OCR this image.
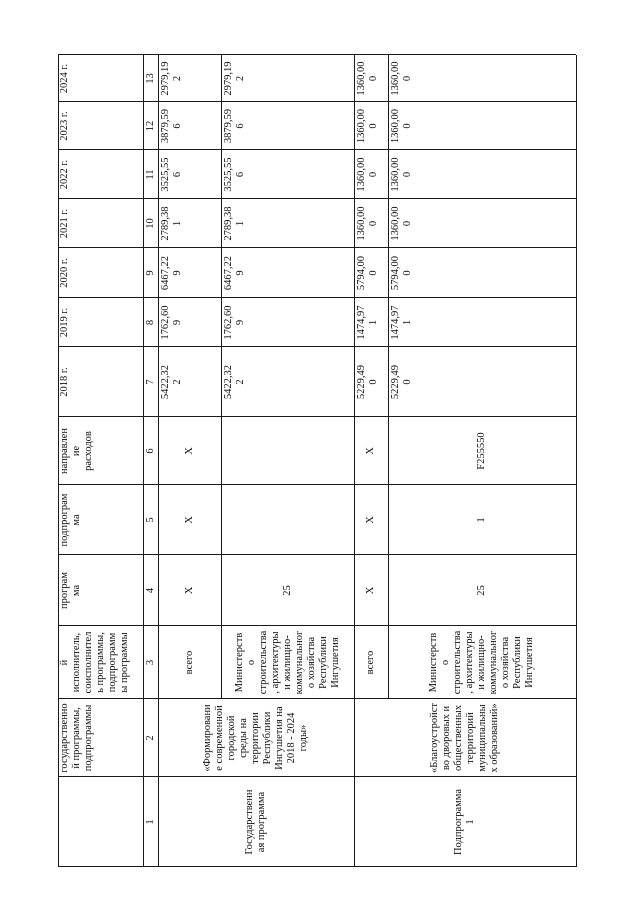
государственно
й программы,
подпрограммы
й
исполнитель,
соисполнител
ь программы,
подпрограмм
ы программы
програм
ма
подпрограм
ма
направлен
ие
расходов
2018 г.
2019 г.
2020 г.
2021 г.
2022 г.
2023 г.
2024 г.
1
2
3
4
5
6
7
8
9
10
11
12
13
Государственн
ая программа
«Формировани
е современной
городской
среды на
территории
Республики
Ингушетия на
2018 - 2024
годы»
всего
X
X
X
5422,32
2
1762,60
9
6467,22
9
2789,38
1
3525,55
6
3879,59
6
2979,19
2
Министерств
о
строительства
, архитектуры
и жилищно-
коммунальног
о хозяйства
Республики
Ингушетия
25
5422,32
2
1762,60
9
6467,22
9
2789,38
1
3525,55
6
3879,59
6
2979,19
2
Подпрограмма
1
«Благоустройст
во дворовых и
общественных
территорий
муниципальны
х образований»
всего
X
X
X
5229,49
0
1474,97
1
5794,00
0
1360,00
0
1360,00
0
1360,00
0
1360,00
0
Министерств
о
строительства
, архитектуры
и жилищно-
коммунальног
о хозяйства
Республики
Ингушетия
25
1
F255550
5229,49
0
1474,97
1
5794,00
0
1360,00
0
1360,00
0
1360,00
0
1360,00
0
